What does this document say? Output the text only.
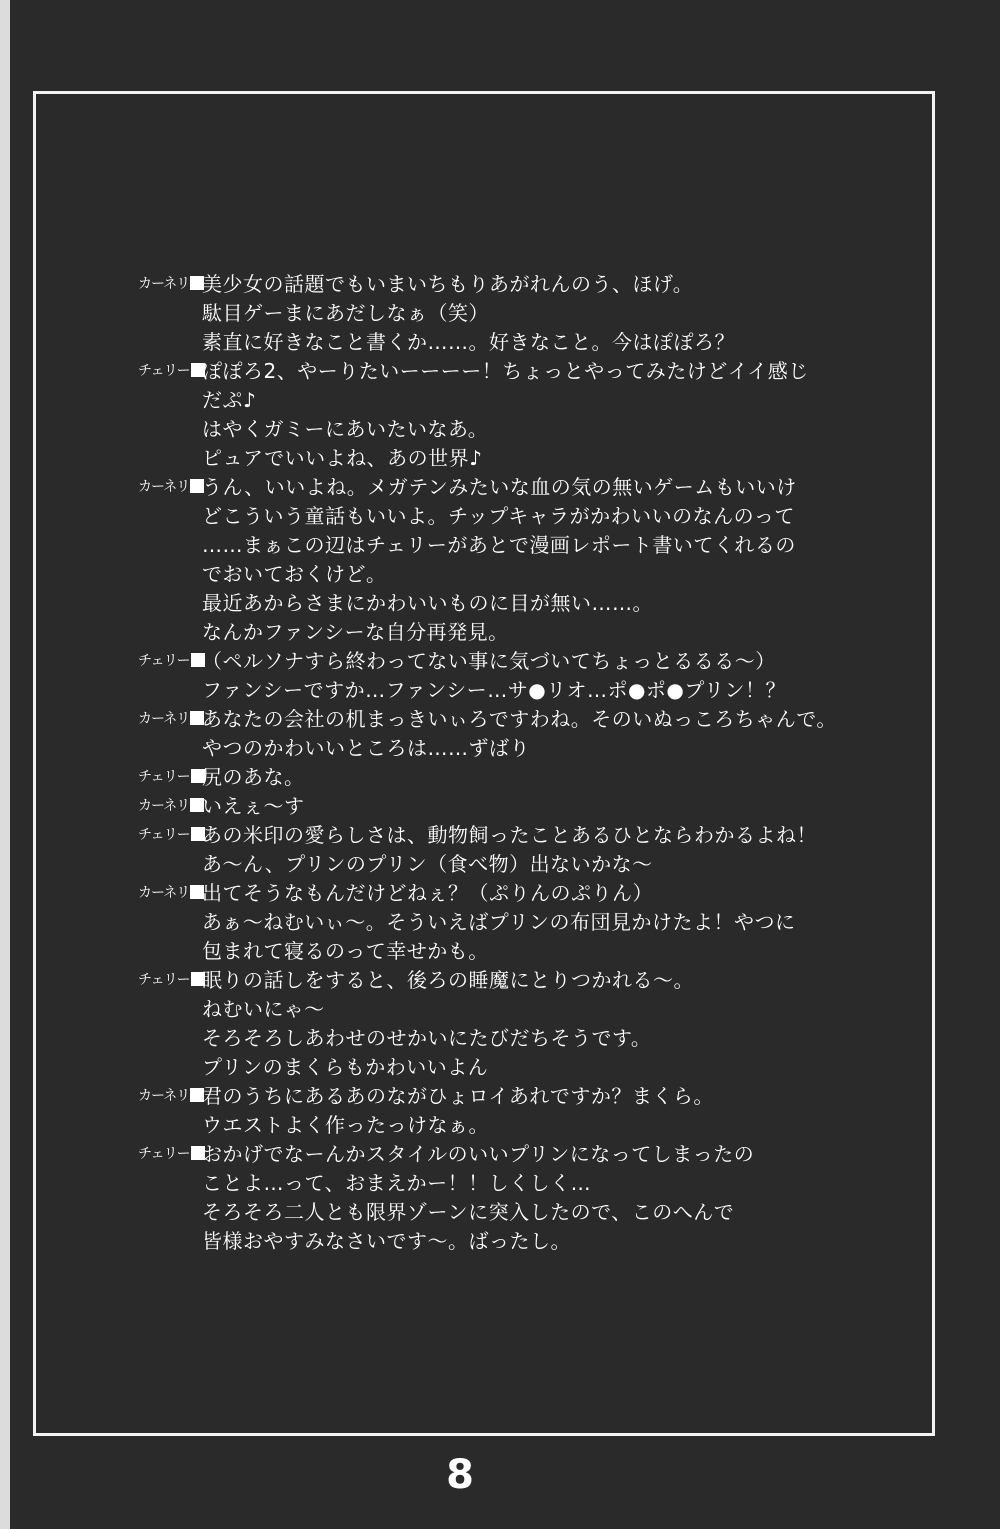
カーネリ 美少女の話題でもいまいちもりあがれんのう、ほげ。
駄目ゲーまにあだしなぁ（笑）
素直に好きなこと書くか……。好きなこと。今はぽぽろ？
チェリー ぽぽろ2、やーりたいーーーー！ちょっとやってみたけどイイ感じ
だぷ♪
はやくガミーにあいたいなあ。
ピュアでいいよね、あの世界♪
カーネリ うん、いいよね。メガテンみたいな血の気の無いゲームもいいけ
どこういう童話もいいよ。チップキャラがかわいいのなんのって
……まぁこの辺はチェリーがあとで漫画レポート書いてくれるの
でおいておくけど。
最近あからさまにかわいいものに目が無い……。
なんかファンシーな自分再発見。
チェリー （ペルソナすら終わってない事に気づいてちょっとるるる〜）
ファンシーですか…ファンシー…サ●リオ…ポ●ポ●プリン！？
カーネリ あなたの会社の机まっきいぃろですわね。そのいぬっころちゃんで。
やつのかわいいところは……ずばり
チェリー 尻のあな。
カーネリ いえぇ〜す
チェリー あの米印の愛らしさは、動物飼ったことあるひとならわかるよね！
あ〜ん、プリンのプリン（食べ物）出ないかな〜
カーネリ 出てそうなもんだけどねぇ？（ぷりんのぷりん）
あぁ〜ねむいぃ〜。そういえばプリンの布団見かけたよ！やつに
包まれて寝るのって幸せかも。
チェリー 眠りの話しをすると、後ろの睡魔にとりつかれる〜。
ねむいにゃ〜
そろそろしあわせのせかいにたびだちそうです。
プリンのまくらもかわいいよん
カーネリ 君のうちにあるあのながひょロイあれですか？まくら。
ウエストよく作ったっけなぁ。
チェリー おかげでなーんかスタイルのいいプリンになってしまったの
ことよ…って、おまえかー！！しくしく…
そろそろ二人とも限界ゾーンに突入したので、このへんで
皆様おやすみなさいです〜。ばったし。
8
